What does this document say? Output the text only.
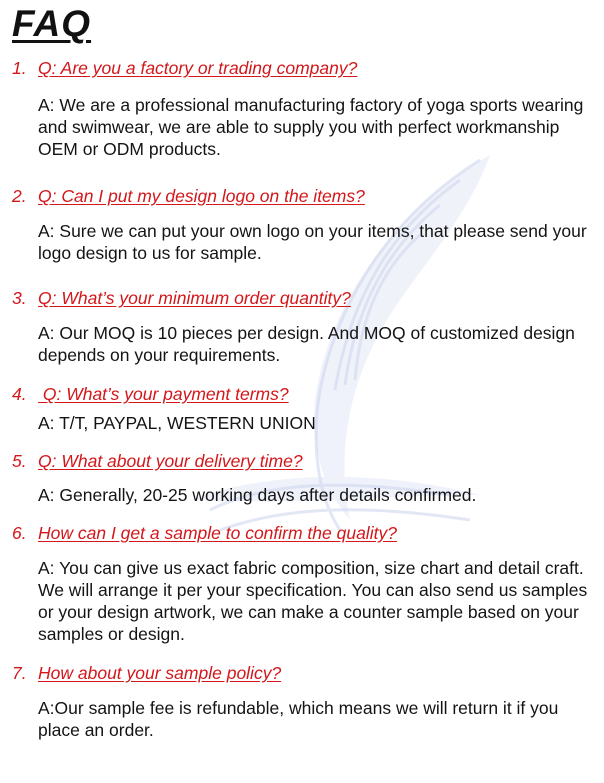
FAQ
1. Q: Are you a factory or trading company?
A: We are a professional manufacturing factory of yoga sports wearing and swimwear, we are able to supply you with perfect workmanship OEM or ODM products.
2. Q: Can I put my design logo on the items?
A: Sure we can put your own logo on your items, that please send your logo design to us for sample.
3. Q: What’s your minimum order quantity?
A: Our MOQ is 10 pieces per design. And MOQ of customized design depends on your requirements.
4. Q: What’s your payment terms?
A: T/T, PAYPAL, WESTERN UNION
5. Q: What about your delivery time?
A: Generally, 20-25 working days after details confirmed.
6. How can I get a sample to confirm the quality?
A: You can give us exact fabric composition, size chart and detail craft. We will arrange it per your specification. You can also send us samples or your design artwork, we can make a counter sample based on your samples or design.
7. How about your sample policy?
A:Our sample fee is refundable, which means we will return it if you place an order.
